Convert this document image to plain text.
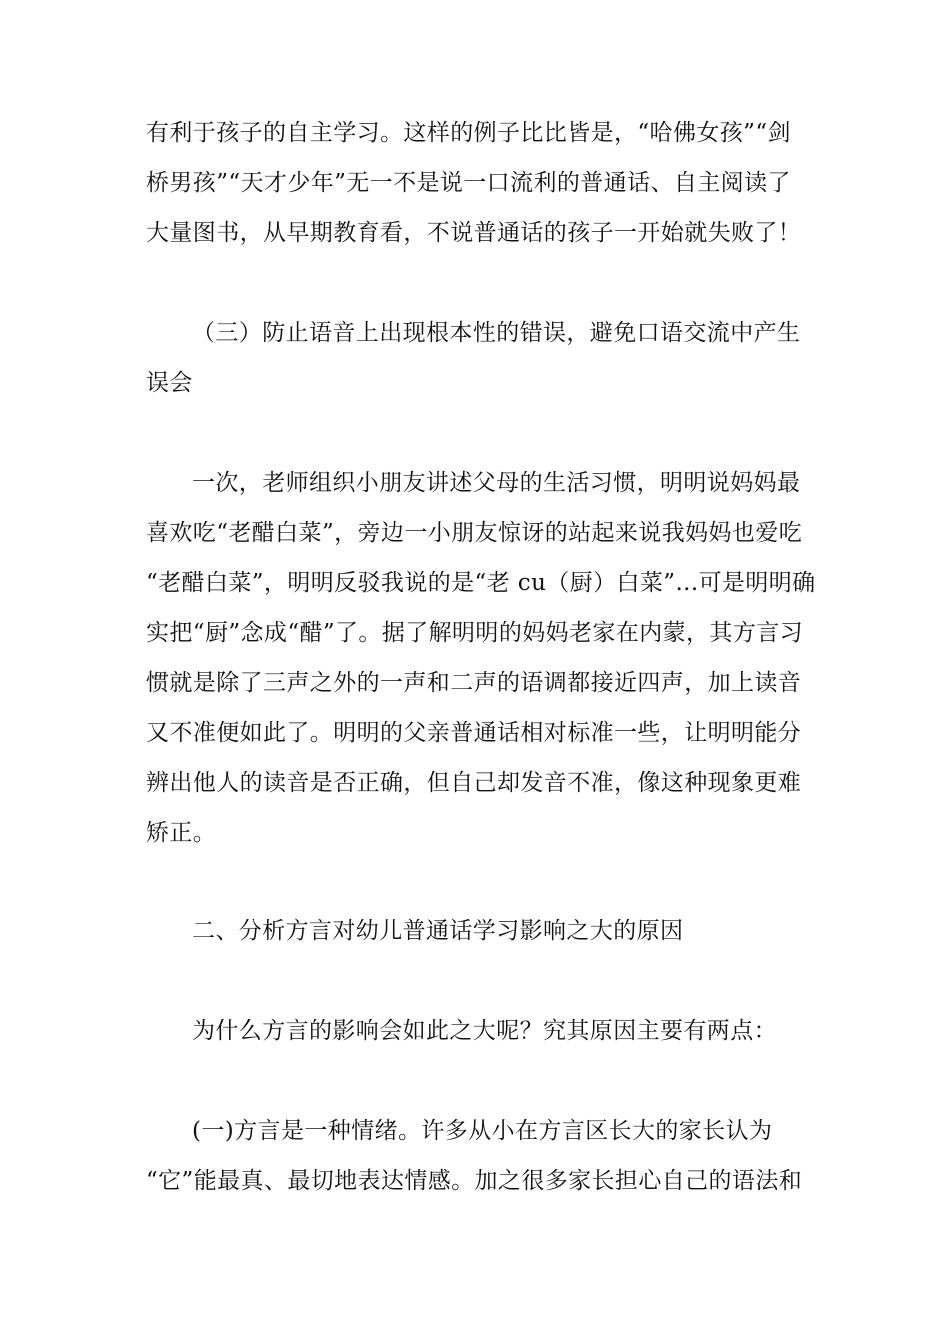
有利于孩子的自主学习。这样的例子比比皆是，“哈佛女孩”“剑
桥男孩”“天才少年”无一不是说一口流利的普通话、自主阅读了
大量图书，从早期教育看，不说普通话的孩子一开始就失败了！
（三）防止语音上出现根本性的错误，避免口语交流中产生
误会
一次，老师组织小朋友讲述父母的生活习惯，明明说妈妈最
喜欢吃“老醋白菜”，旁边一小朋友惊讶的站起来说我妈妈也爱吃
“老醋白菜”，明明反驳我说的是“老 cu（厨）白菜”...可是明明确
实把“厨”念成“醋”了。据了解明明的妈妈老家在内蒙，其方言习
惯就是除了三声之外的一声和二声的语调都接近四声，加上读音
又不准便如此了。明明的父亲普通话相对标准一些，让明明能分
辨出他人的读音是否正确，但自己却发音不准，像这种现象更难
矫正。
二、分析方言对幼儿普通话学习影响之大的原因
为什么方言的影响会如此之大呢？究其原因主要有两点：
(一)方言是一种情绪。许多从小在方言区长大的家长认为
“它”能最真、最切地表达情感。加之很多家长担心自己的语法和
